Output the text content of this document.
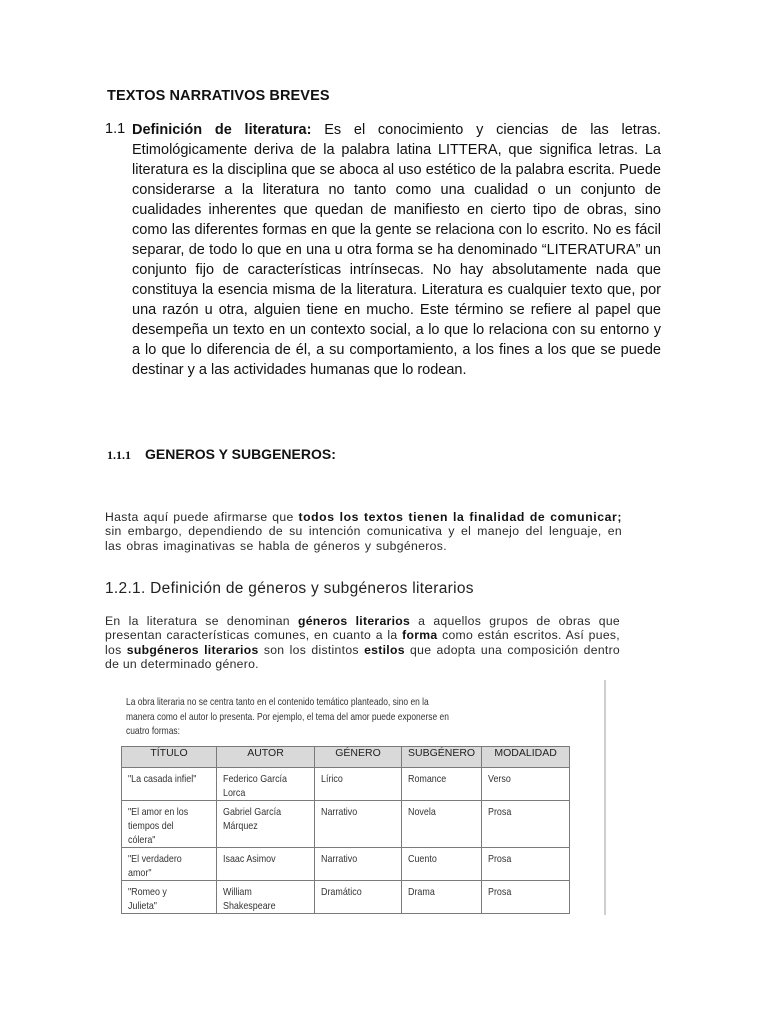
TEXTOS NARRATIVOS BREVES
1.1 Definición de literatura: Es el conocimiento y ciencias de las letras. Etimológicamente deriva de la palabra latina LITTERA, que significa letras. La literatura es la disciplina que se aboca al uso estético de la palabra escrita. Puede considerarse a la literatura no tanto como una cualidad o un conjunto de cualidades inherentes que quedan de manifiesto en cierto tipo de obras, sino como las diferentes formas en que la gente se relaciona con lo escrito. No es fácil separar, de todo lo que en una u otra forma se ha denominado “LITERATURA” un conjunto fijo de características intrínsecas. No hay absolutamente nada que constituya la esencia misma de la literatura. Literatura es cualquier texto que, por una razón u otra, alguien tiene en mucho. Este término se refiere al papel que desempeña un texto en un contexto social, a lo que lo relaciona con su entorno y a lo que lo diferencia de él, a su comportamiento, a los fines a los que se puede destinar y a las actividades humanas que lo rodean.
1.1.1 GENEROS Y SUBGENEROS:
Hasta aquí puede afirmarse que todos los textos tienen la finalidad de comunicar; sin embargo, dependiendo de su intención comunicativa y el manejo del lenguaje, en las obras imaginativas se habla de géneros y subgéneros.
1.2.1. Definición de géneros y subgéneros literarios
En la literatura se denominan géneros literarios a aquellos grupos de obras que presentan características comunes, en cuanto a la forma como están escritos. Así pues, los subgéneros literarios son los distintos estilos que adopta una composición dentro de un determinado género.
La obra literaria no se centra tanto en el contenido temático planteado, sino en la manera como el autor lo presenta. Por ejemplo, el tema del amor puede exponerse en cuatro formas:
TÍTULO	AUTOR	GÉNERO	SUBGÉNERO	MODALIDAD
"La casada infiel"	Federico García Lorca	Lírico	Romance	Verso
"El amor en los tiempos del cólera"	Gabriel García Márquez	Narrativo	Novela	Prosa
"El verdadero amor"	Isaac Asimov	Narrativo	Cuento	Prosa
"Romeo y Julieta"	William Shakespeare	Dramático	Drama	Prosa
